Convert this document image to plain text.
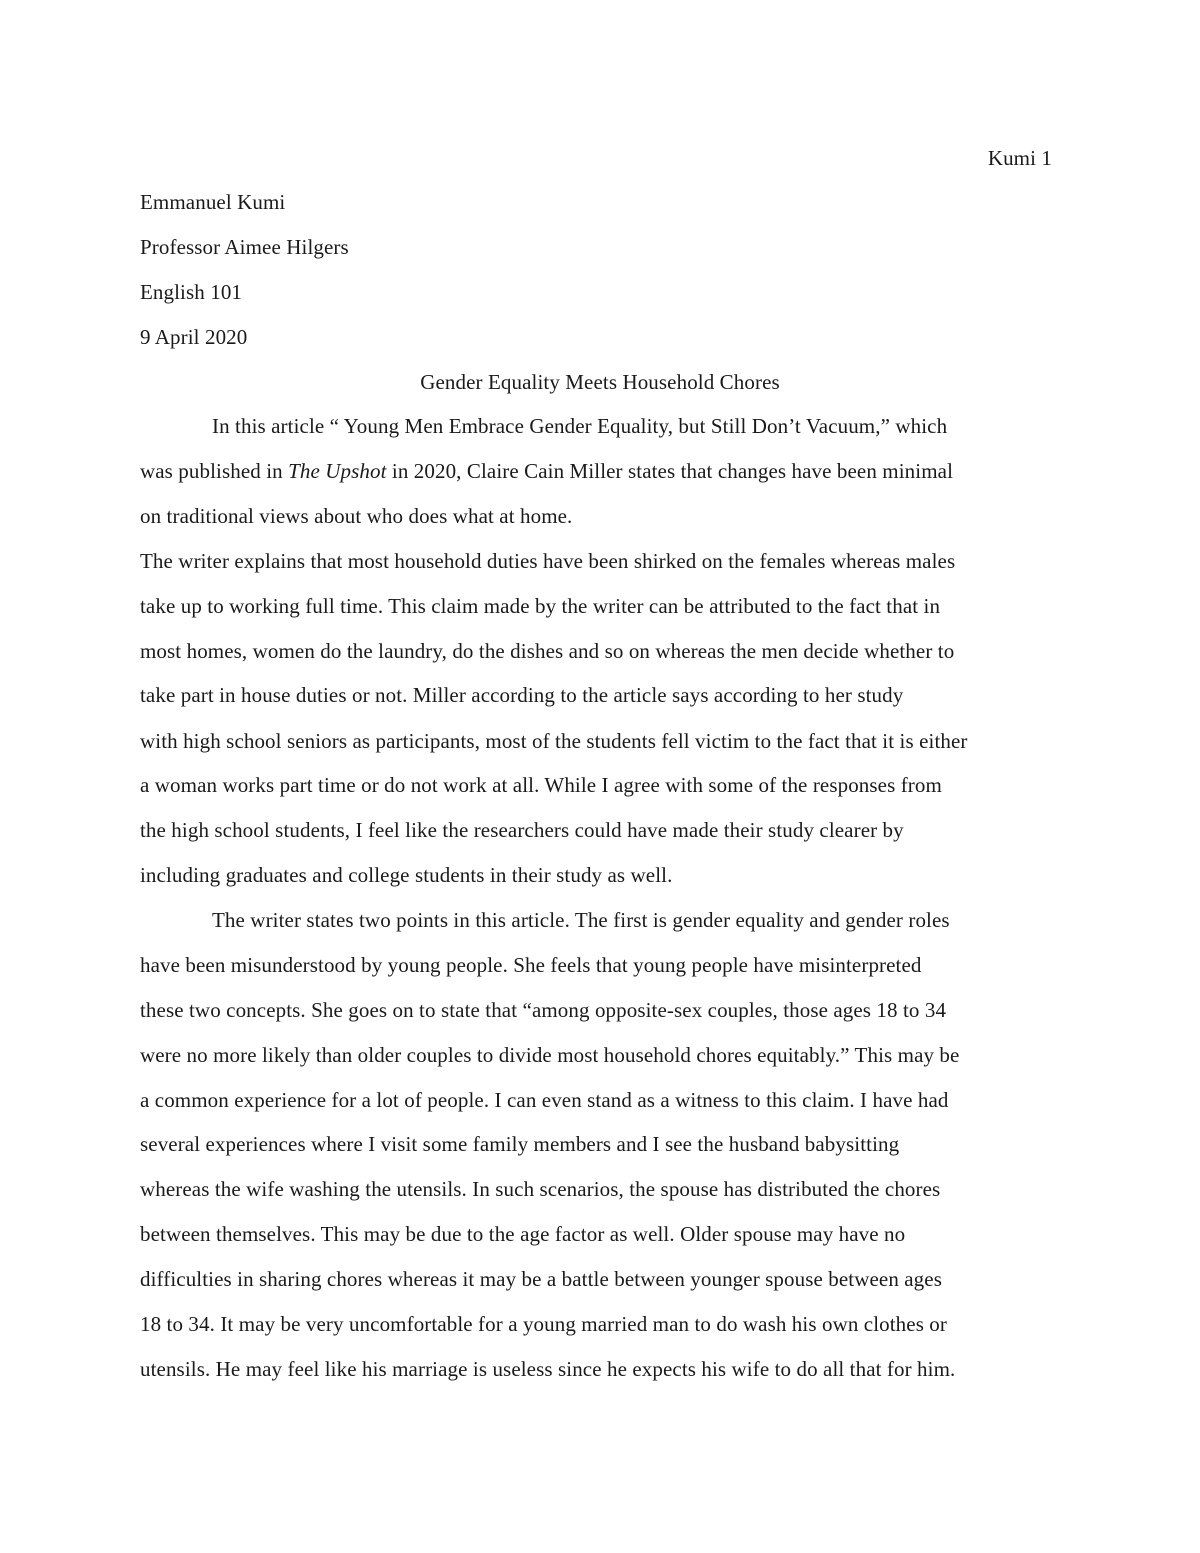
Kumi 1
Emmanuel Kumi
Professor Aimee Hilgers
English 101
9 April 2020
Gender Equality Meets Household Chores
In this article “ Young Men Embrace Gender Equality, but Still Don’t Vacuum,” which
was published in The Upshot in 2020, Claire Cain Miller states that changes have been minimal
on traditional views about who does what at home.
The writer explains that most household duties have been shirked on the females whereas males
take up to working full time. This claim made by the writer can be attributed to the fact that in
most homes, women do the laundry, do the dishes and so on whereas the men decide whether to
take part in house duties or not. Miller according to the article says according to her study
with high school seniors as participants, most of the students fell victim to the fact that it is either
a woman works part time or do not work at all. While I agree with some of the responses from
the high school students, I feel like the researchers could have made their study clearer by
including graduates and college students in their study as well.
The writer states two points in this article. The first is gender equality and gender roles
have been misunderstood by young people. She feels that young people have misinterpreted
these two concepts. She goes on to state that “among opposite-sex couples, those ages 18 to 34
were no more likely than older couples to divide most household chores equitably.” This may be
a common experience for a lot of people. I can even stand as a witness to this claim. I have had
several experiences where I visit some family members and I see the husband babysitting
whereas the wife washing the utensils. In such scenarios, the spouse has distributed the chores
between themselves. This may be due to the age factor as well. Older spouse may have no
difficulties in sharing chores whereas it may be a battle between younger spouse between ages
18 to 34. It may be very uncomfortable for a young married man to do wash his own clothes or
utensils. He may feel like his marriage is useless since he expects his wife to do all that for him.
